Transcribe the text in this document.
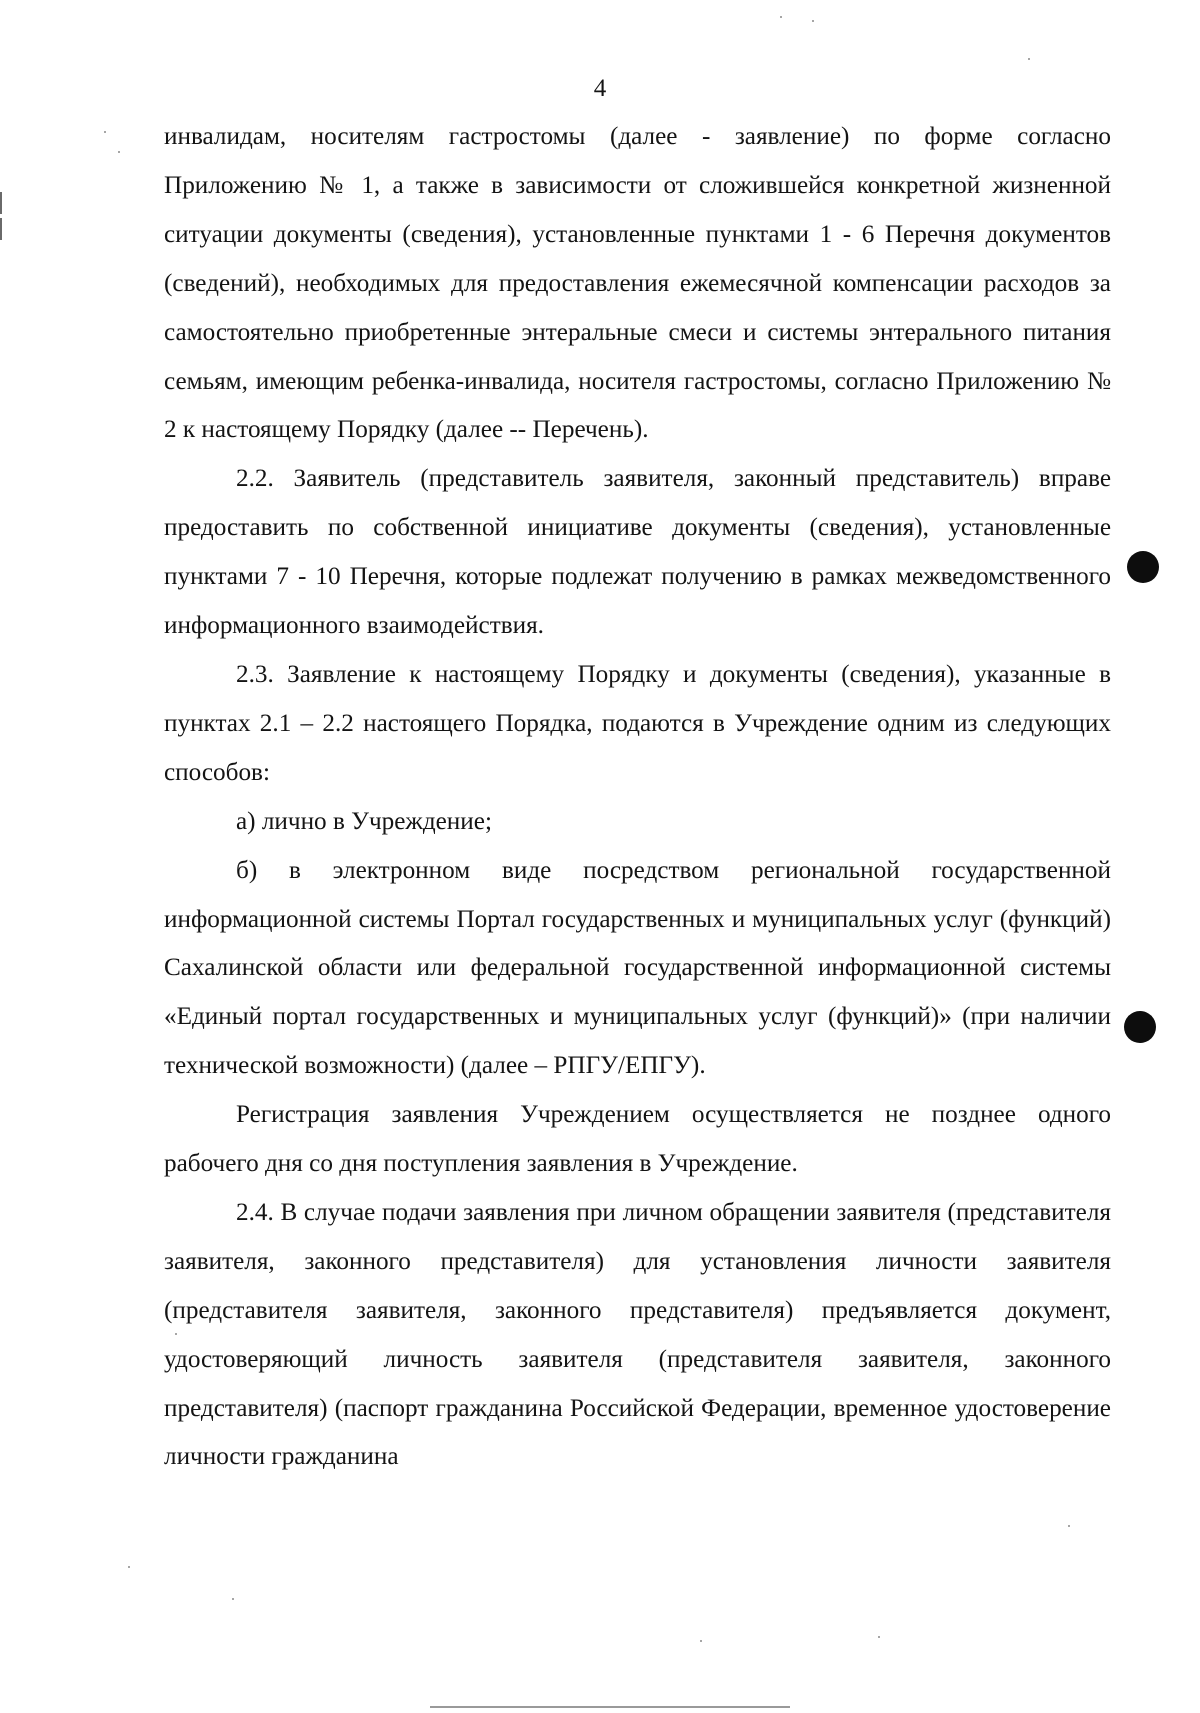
4

инвалидам, носителям гастростомы (далее - заявление) по форме согласно Приложению № 1, а также в зависимости от сложившейся конкретной жизненной ситуации документы (сведения), установленные пунктами 1 - 6 Перечня документов (сведений), необходимых для предоставления ежемесячной компенсации расходов за самостоятельно приобретенные энтеральные смеси и системы энтерального питания семьям, имеющим ребенка-инвалида, носителя гастростомы, согласно Приложению № 2 к настоящему Порядку (далее -- Перечень).

2.2. Заявитель (представитель заявителя, законный представитель) вправе предоставить по собственной инициативе документы (сведения), установленные пунктами 7 - 10 Перечня, которые подлежат получению в рамках межведомственного информационного взаимодействия.

2.3. Заявление к настоящему Порядку и документы (сведения), указанные в пунктах 2.1 – 2.2 настоящего Порядка, подаются в Учреждение одним из следующих способов:

а) лично в Учреждение;

б) в электронном виде посредством региональной государственной информационной системы Портал государственных и муниципальных услуг (функций) Сахалинской области или федеральной государственной информационной системы «Единый портал государственных и муниципальных услуг (функций)» (при наличии технической возможности) (далее – РПГУ/ЕПГУ).

Регистрация заявления Учреждением осуществляется не позднее одного рабочего дня со дня поступления заявления в Учреждение.

2.4. В случае подачи заявления при личном обращении заявителя (представителя заявителя, законного представителя) для установления личности заявителя (представителя заявителя, законного представителя) предъявляется документ, удостоверяющий личность заявителя (представителя заявителя, законного представителя) (паспорт гражданина Российской Федерации, временное удостоверение личности гражданина
